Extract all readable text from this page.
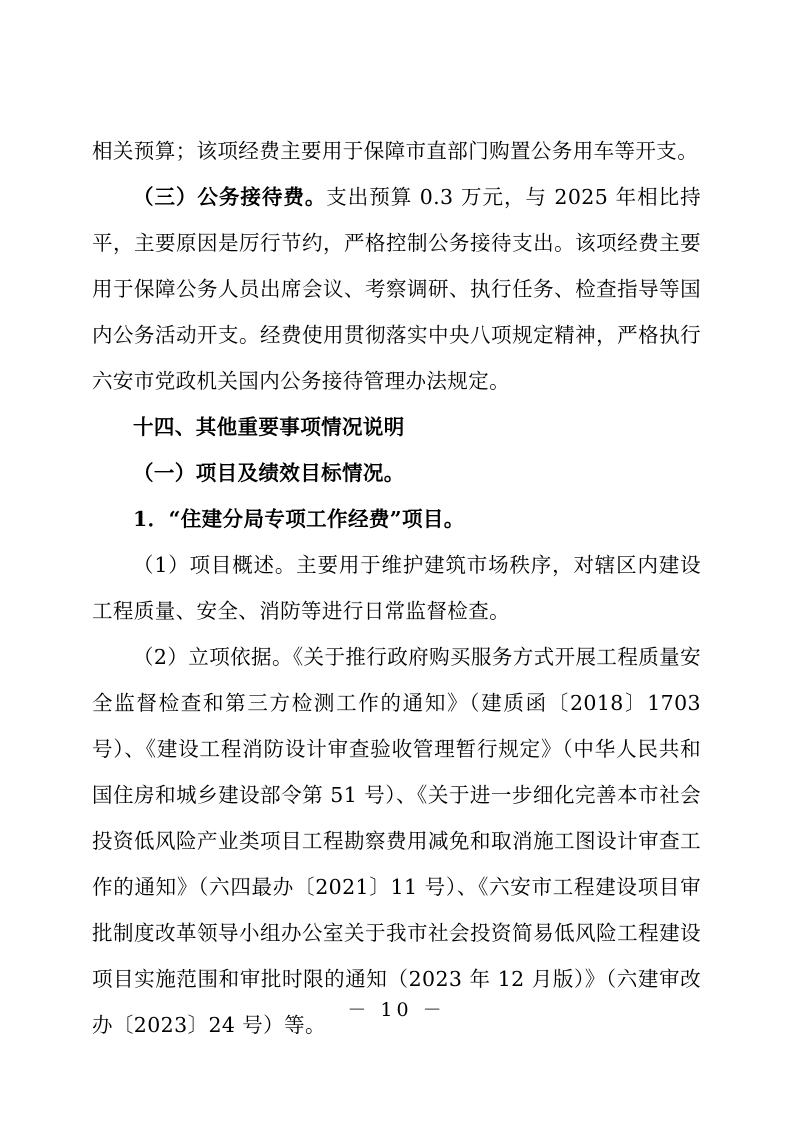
相关预算；该项经费主要用于保障市直部门购置公务用车等开支。

（三）公务接待费。支出预算 0.3 万元，与 2025 年相比持平，主要原因是厉行节约，严格控制公务接待支出。该项经费主要用于保障公务人员出席会议、考察调研、执行任务、检查指导等国内公务活动开支。经费使用贯彻落实中央八项规定精神，严格执行六安市党政机关国内公务接待管理办法规定。

十四、其他重要事项情况说明

（一）项目及绩效目标情况。

1．“住建分局专项工作经费”项目。

（1）项目概述。主要用于维护建筑市场秩序，对辖区内建设工程质量、安全、消防等进行日常监督检查。

（2）立项依据。《关于推行政府购买服务方式开展工程质量安全监督检查和第三方检测工作的通知》（建质函〔2018〕1703 号）、《建设工程消防设计审查验收管理暂行规定》（中华人民共和国住房和城乡建设部令第 51 号）、《关于进一步细化完善本市社会投资低风险产业类项目工程勘察费用减免和取消施工图设计审查工作的通知》（六四最办〔2021〕11 号）、《六安市工程建设项目审批制度改革领导小组办公室关于我市社会投资简易低风险工程建设项目实施范围和审批时限的通知（2023 年 12 月版）》（六建审改办〔2023〕24 号）等。

－ 10 －
